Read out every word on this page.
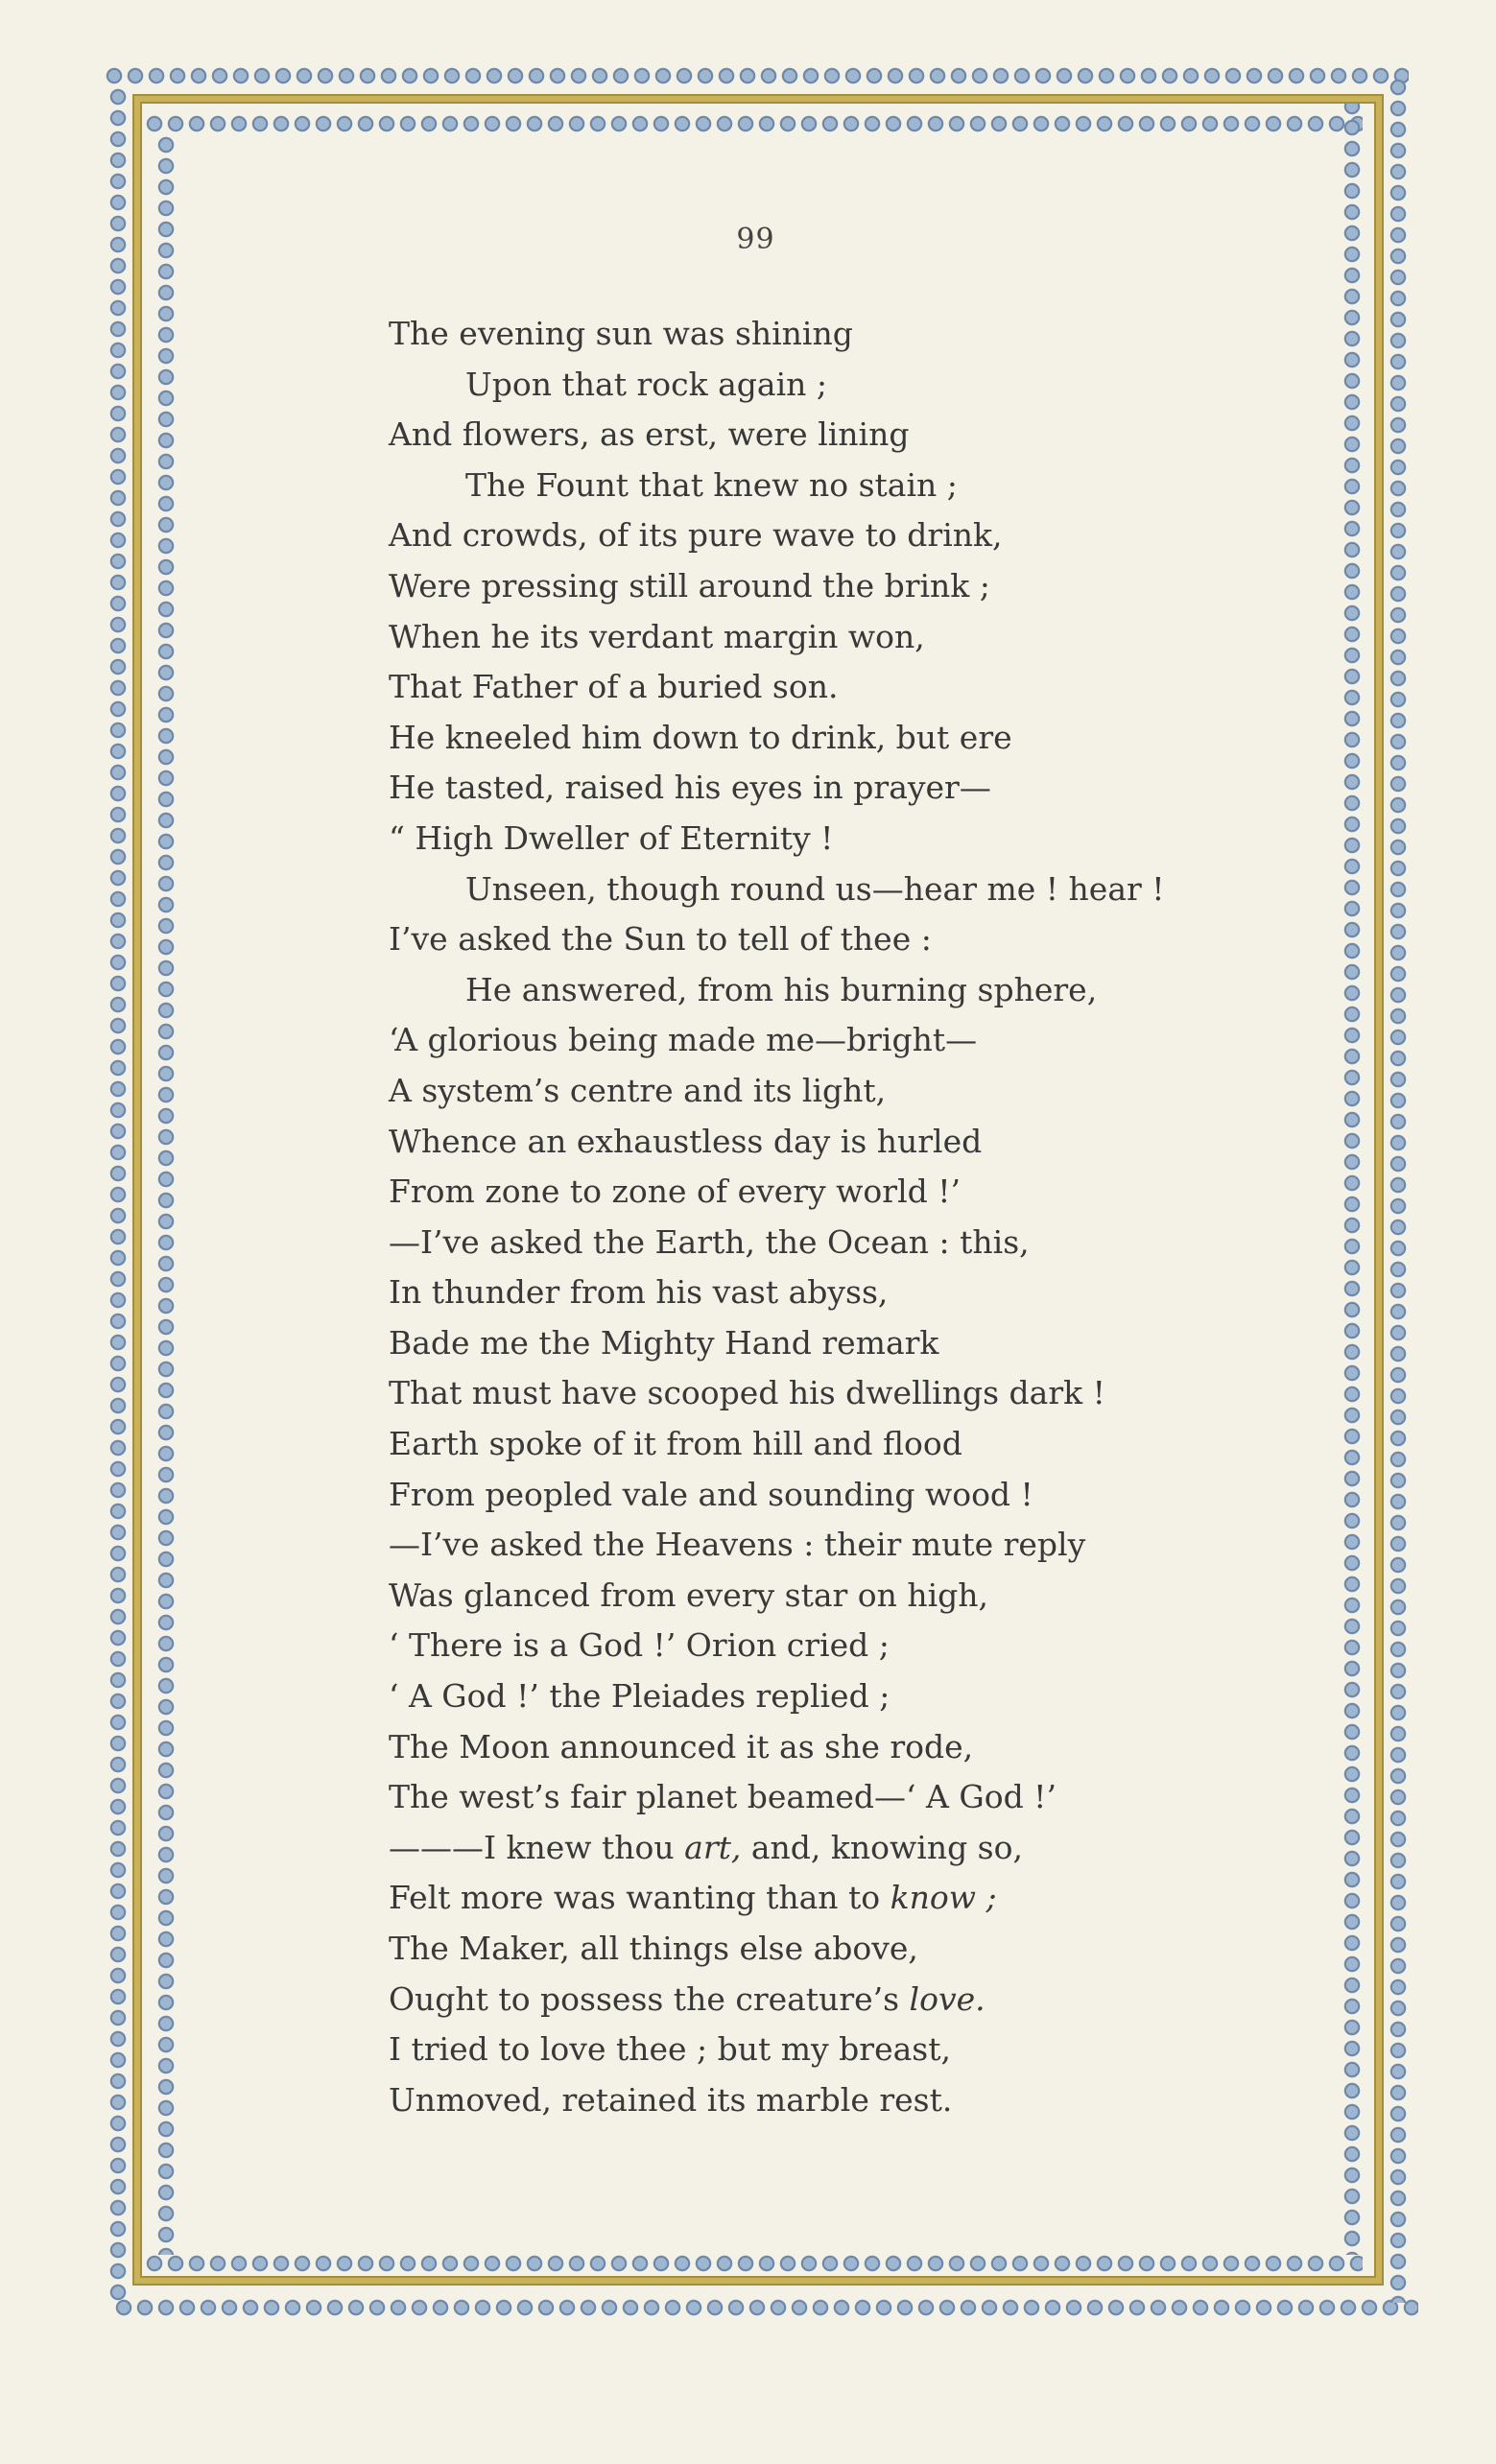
99
The evening sun was shining
Upon that rock again ;
And flowers, as erst, were lining
The Fount that knew no stain ;
And crowds, of its pure wave to drink,
Were pressing still around the brink ;
When he its verdant margin won,
That Father of a buried son.
He kneeled him down to drink, but ere
He tasted, raised his eyes in prayer—
“ High Dweller of Eternity !
Unseen, though round us—hear me ! hear !
I’ve asked the Sun to tell of thee :
He answered, from his burning sphere,
‘A glorious being made me—bright—
A system’s centre and its light,
Whence an exhaustless day is hurled
From zone to zone of every world !’
—I’ve asked the Earth, the Ocean : this,
In thunder from his vast abyss,
Bade me the Mighty Hand remark
That must have scooped his dwellings dark !
Earth spoke of it from hill and flood
From peopled vale and sounding wood !
—I’ve asked the Heavens : their mute reply
Was glanced from every star on high,
‘ There is a God !’ Orion cried ;
‘ A God !’ the Pleiades replied ;
The Moon announced it as she rode,
The west’s fair planet beamed—‘ A God !’
———I knew thou art, and, knowing so,
Felt more was wanting than to know ;
The Maker, all things else above,
Ought to possess the creature’s love.
I tried to love thee ; but my breast,
Unmoved, retained its marble rest.
